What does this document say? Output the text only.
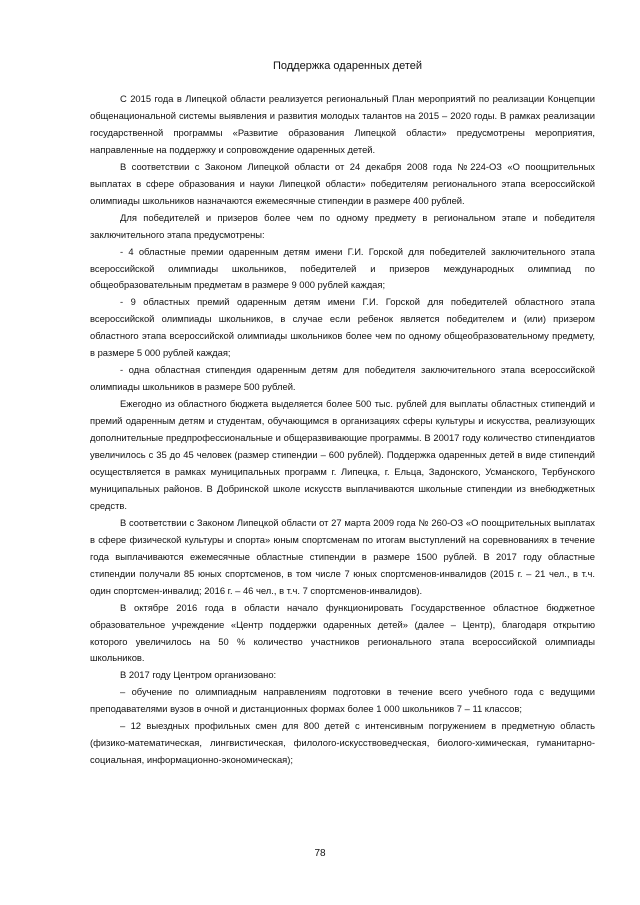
Поддержка одаренных детей

С 2015 года в Липецкой области реализуется региональный План мероприятий по реализации Концепции общенациональной системы выявления и развития молодых талантов на 2015 – 2020 годы. В рамках реализации государственной программы «Развитие образования Липецкой области» предусмотрены мероприятия, направленные на поддержку и сопровождение одаренных детей.

В соответствии с Законом Липецкой области от 24 декабря 2008 года №224-ОЗ «О поощрительных выплатах в сфере образования и науки Липецкой области» победителям регионального этапа всероссийской олимпиады школьников назначаются ежемесячные стипендии в размере 400 рублей.

Для победителей и призеров более чем по одному предмету в региональном этапе и победителя заключительного этапа предусмотрены:

- 4 областные премии одаренным детям имени Г.И. Горской для победителей заключительного этапа всероссийской олимпиады школьников, победителей и призеров международных олимпиад по общеобразовательным предметам в размере 9 000 рублей каждая;

- 9 областных премий одаренным детям имени Г.И. Горской для победителей областного этапа всероссийской олимпиады школьников, в случае если ребенок является победителем и (или) призером областного этапа всероссийской олимпиады школьников более чем по одному общеобразовательному предмету, в размере 5 000 рублей каждая;

- одна областная стипендия одаренным детям для победителя заключительного этапа всероссийской олимпиады школьников в размере 500 рублей.

Ежегодно из областного бюджета выделяется более 500 тыс. рублей для выплаты областных стипендий и премий одаренным детям и студентам, обучающимся в организациях сферы культуры и искусства, реализующих дополнительные предпрофессиональные и общеразвивающие программы. В 20017 году количество стипендиатов увеличилось с 35 до 45 человек (размер стипендии – 600 рублей). Поддержка одаренных детей в виде стипендий осуществляется в рамках муниципальных программ г. Липецка, г. Ельца, Задонского, Усманского, Тербунского муниципальных районов. В Добринской школе искусств выплачиваются школьные стипендии из внебюджетных средств.

В соответствии с Законом Липецкой области от 27 марта 2009 года № 260-ОЗ «О поощрительных выплатах в сфере физической культуры и спорта» юным спортсменам по итогам выступлений на соревнованиях в течение года выплачиваются ежемесячные областные стипендии в размере 1500 рублей. В 2017 году областные стипендии получали 85 юных спортсменов, в том числе 7 юных спортсменов-инвалидов (2015 г. – 21 чел., в т.ч. один спортсмен-инвалид; 2016 г. – 46 чел., в т.ч. 7 спортсменов-инвалидов).

В октябре 2016 года в области начало функционировать Государственное областное бюджетное образовательное учреждение «Центр поддержки одаренных детей» (далее – Центр), благодаря открытию которого увеличилось на 50 % количество участников регионального этапа всероссийской олимпиады школьников.

В 2017 году Центром организовано:

– обучение по олимпиадным направлениям подготовки в течение всего учебного года с ведущими преподавателями вузов в очной и дистанционных формах более 1 000 школьников 7 – 11 классов;

– 12 выездных профильных смен для 800 детей с интенсивным погружением в предметную область (физико-математическая, лингвистическая, филолого-искусствоведческая, биолого-химическая, гуманитарно-социальная, информационно-экономическая);

78
